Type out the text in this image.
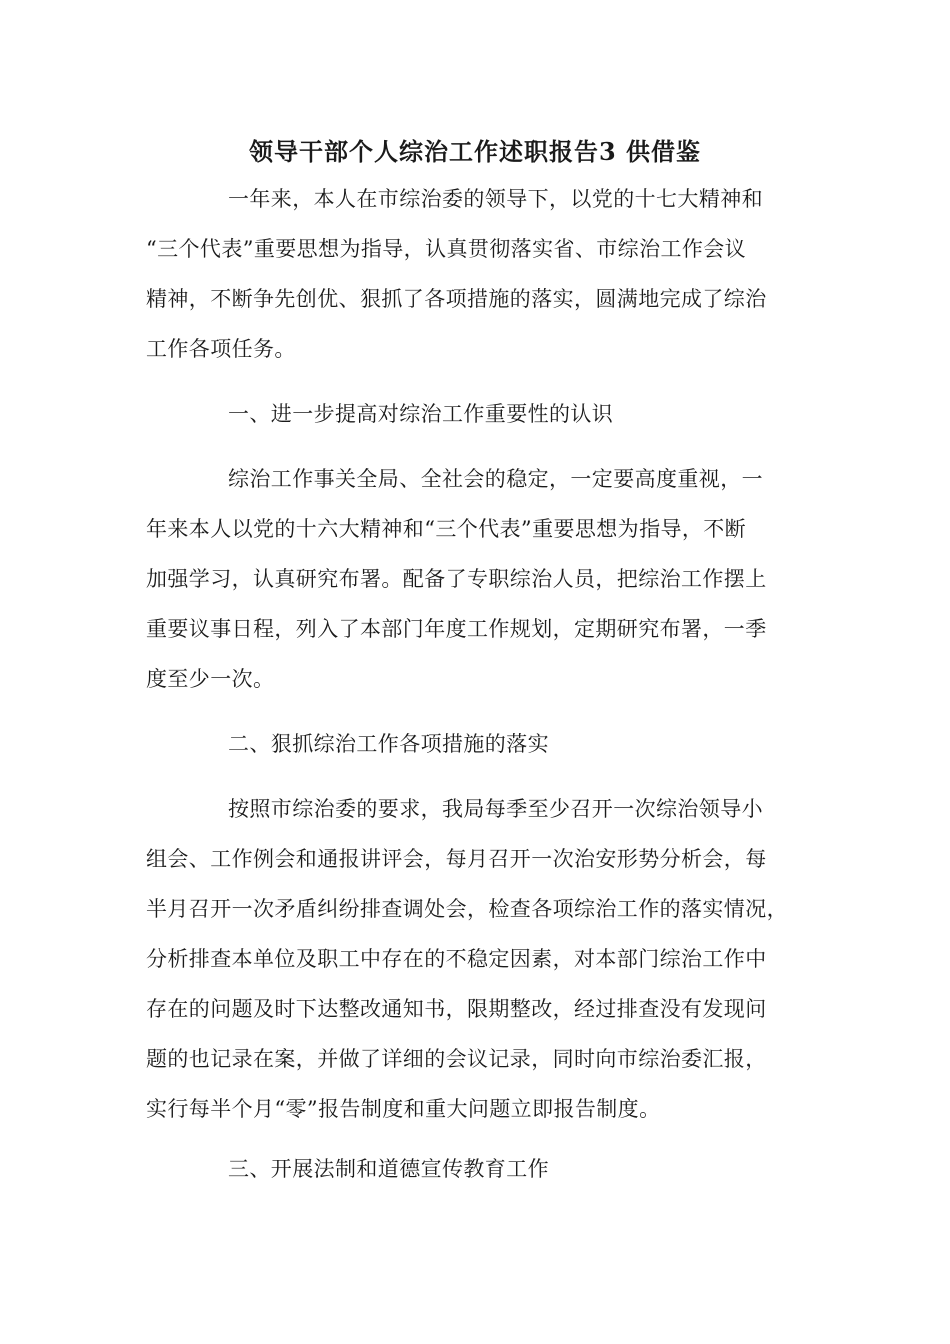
领导干部个人综治工作述职报告3 供借鉴
一年来，本人在市综治委的领导下，以党的十七大精神和
“三个代表”重要思想为指导，认真贯彻落实省、市综治工作会议
精神，不断争先创优、狠抓了各项措施的落实，圆满地完成了综治
工作各项任务。
一、进一步提高对综治工作重要性的认识
综治工作事关全局、全社会的稳定，一定要高度重视，一
年来本人以党的十六大精神和“三个代表”重要思想为指导，不断
加强学习，认真研究布署。配备了专职综治人员，把综治工作摆上
重要议事日程，列入了本部门年度工作规划，定期研究布署，一季
度至少一次。
二、狠抓综治工作各项措施的落实
按照市综治委的要求，我局每季至少召开一次综治领导小
组会、工作例会和通报讲评会，每月召开一次治安形势分析会，每
半月召开一次矛盾纠纷排查调处会，检查各项综治工作的落实情况，
分析排查本单位及职工中存在的不稳定因素，对本部门综治工作中
存在的问题及时下达整改通知书，限期整改，经过排查没有发现问
题的也记录在案，并做了详细的会议记录，同时向市综治委汇报，
实行每半个月“零”报告制度和重大问题立即报告制度。
三、开展法制和道德宣传教育工作
